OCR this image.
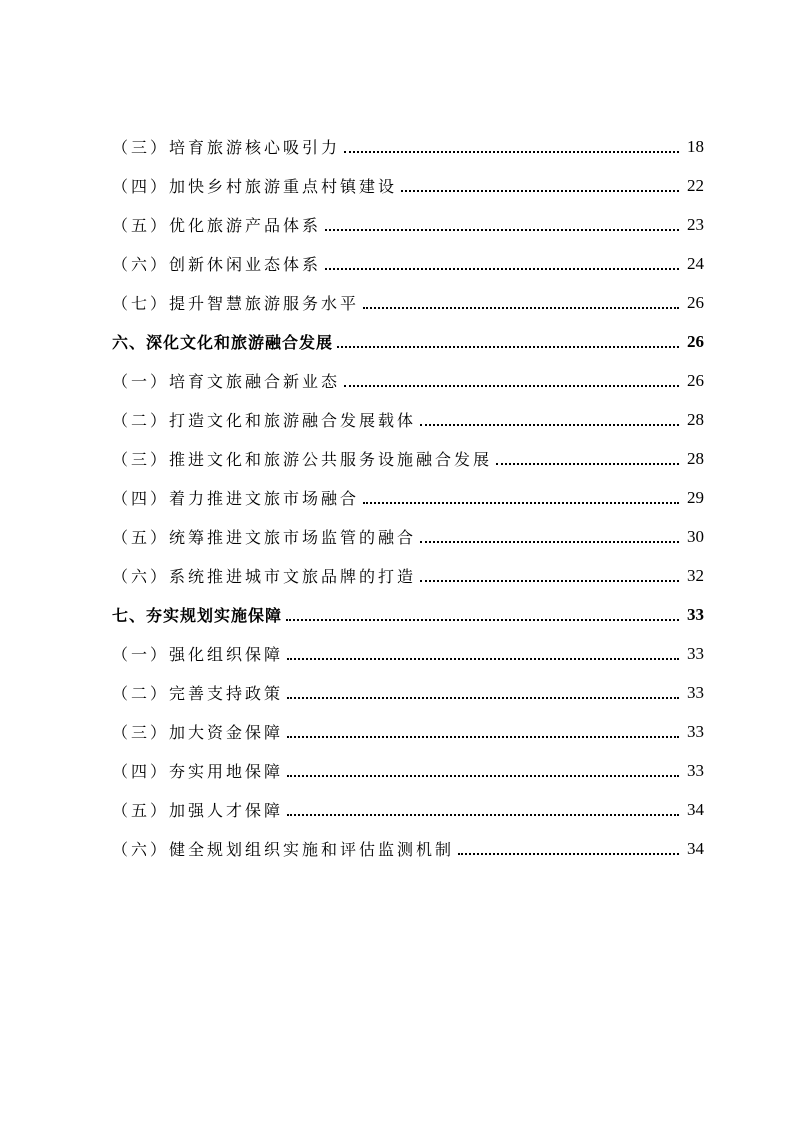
（三）培育旅游核心吸引力	18
（四）加快乡村旅游重点村镇建设	22
（五）优化旅游产品体系	23
（六）创新休闲业态体系	24
（七）提升智慧旅游服务水平	26
六、深化文化和旅游融合发展	26
（一）培育文旅融合新业态	26
（二）打造文化和旅游融合发展载体	28
（三）推进文化和旅游公共服务设施融合发展	28
（四）着力推进文旅市场融合	29
（五）统筹推进文旅市场监管的融合	30
（六）系统推进城市文旅品牌的打造	32
七、夯实规划实施保障	33
（一）强化组织保障	33
（二）完善支持政策	33
（三）加大资金保障	33
（四）夯实用地保障	33
（五）加强人才保障	34
（六）健全规划组织实施和评估监测机制	34
